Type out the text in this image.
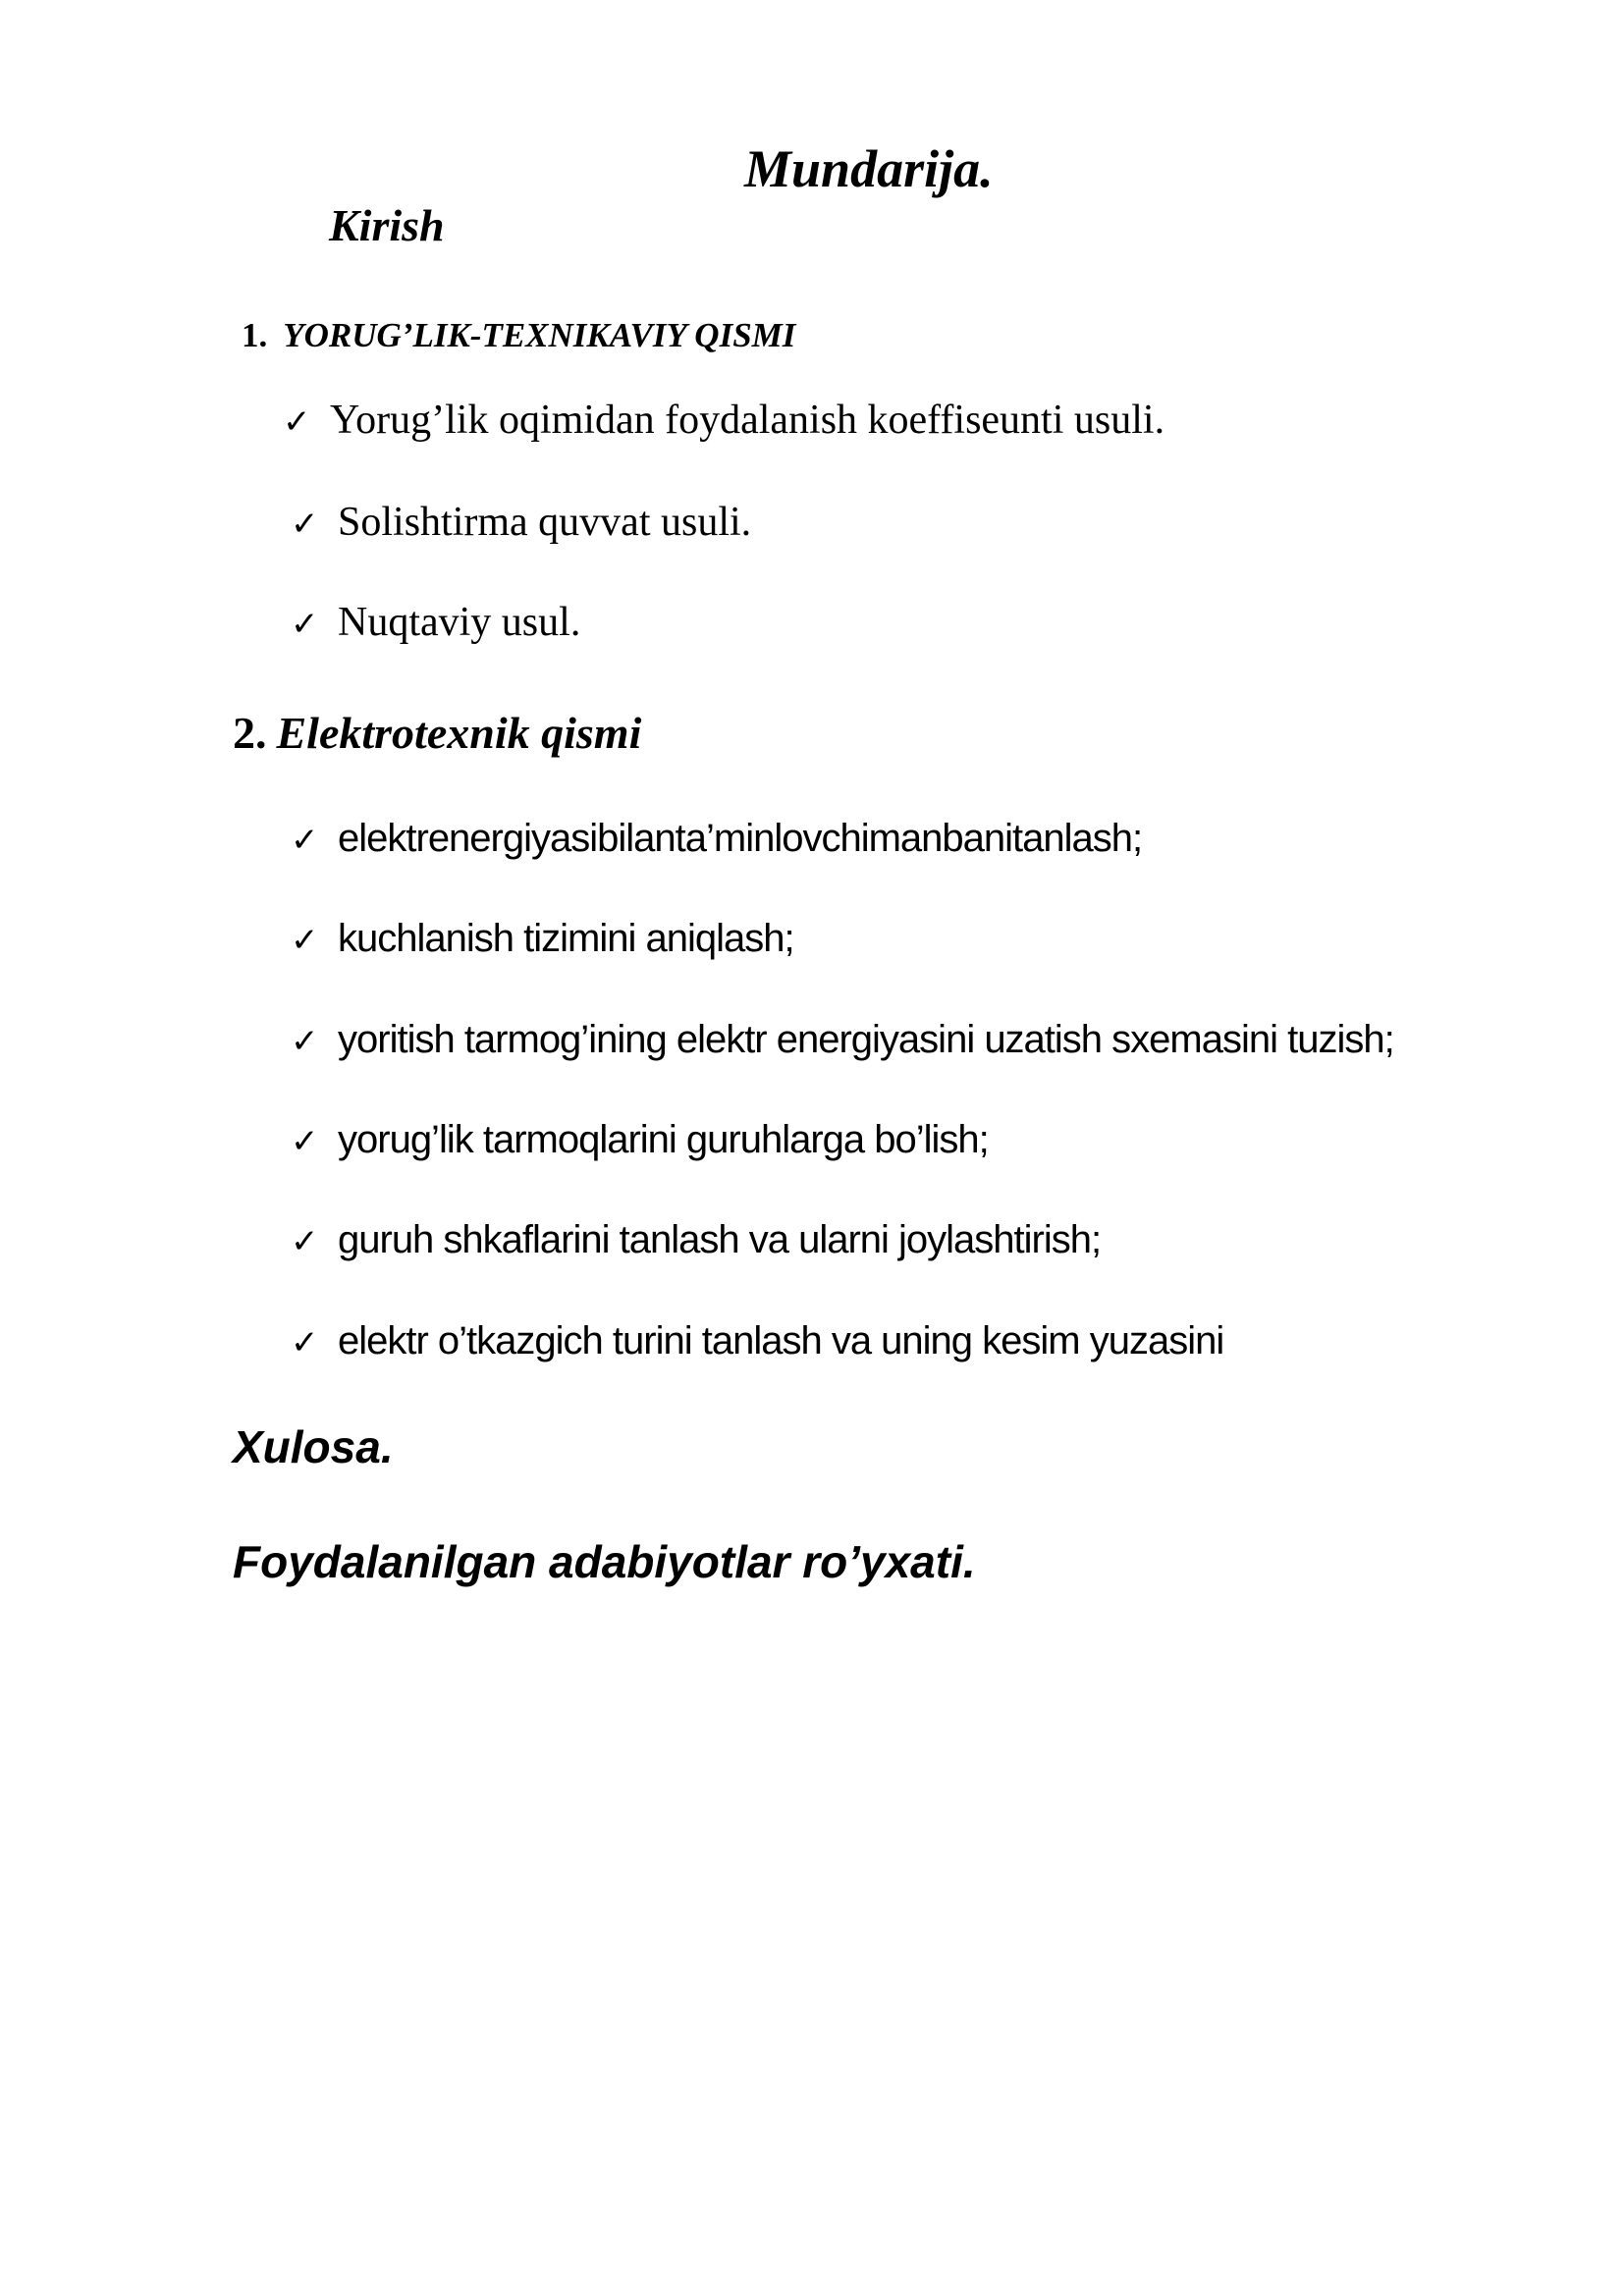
Mundarija.
Kirish
1. YORUG’LIK-TEXNIKAVIY QISMI
✓ Yorug’lik oqimidan foydalanish koeffiseunti usuli.
✓ Solishtirma quvvat usuli.
✓ Nuqtaviy usul.
2. Elektrotexnik qismi
✓ elektrenergiyasibilanta’minlovchimanbanitanlash;
✓ kuchlanish tizimini aniqlash;
✓ yoritish tarmog’ining elektr energiyasini uzatish sxemasini tuzish;
✓ yorug’lik tarmoqlarini guruhlarga bo’lish;
✓ guruh shkaflarini tanlash va ularni joylashtirish;
✓ elektr o’tkazgich turini tanlash va uning kesim yuzasini
Xulosa.
Foydalanilgan adabiyotlar ro’yxati.
